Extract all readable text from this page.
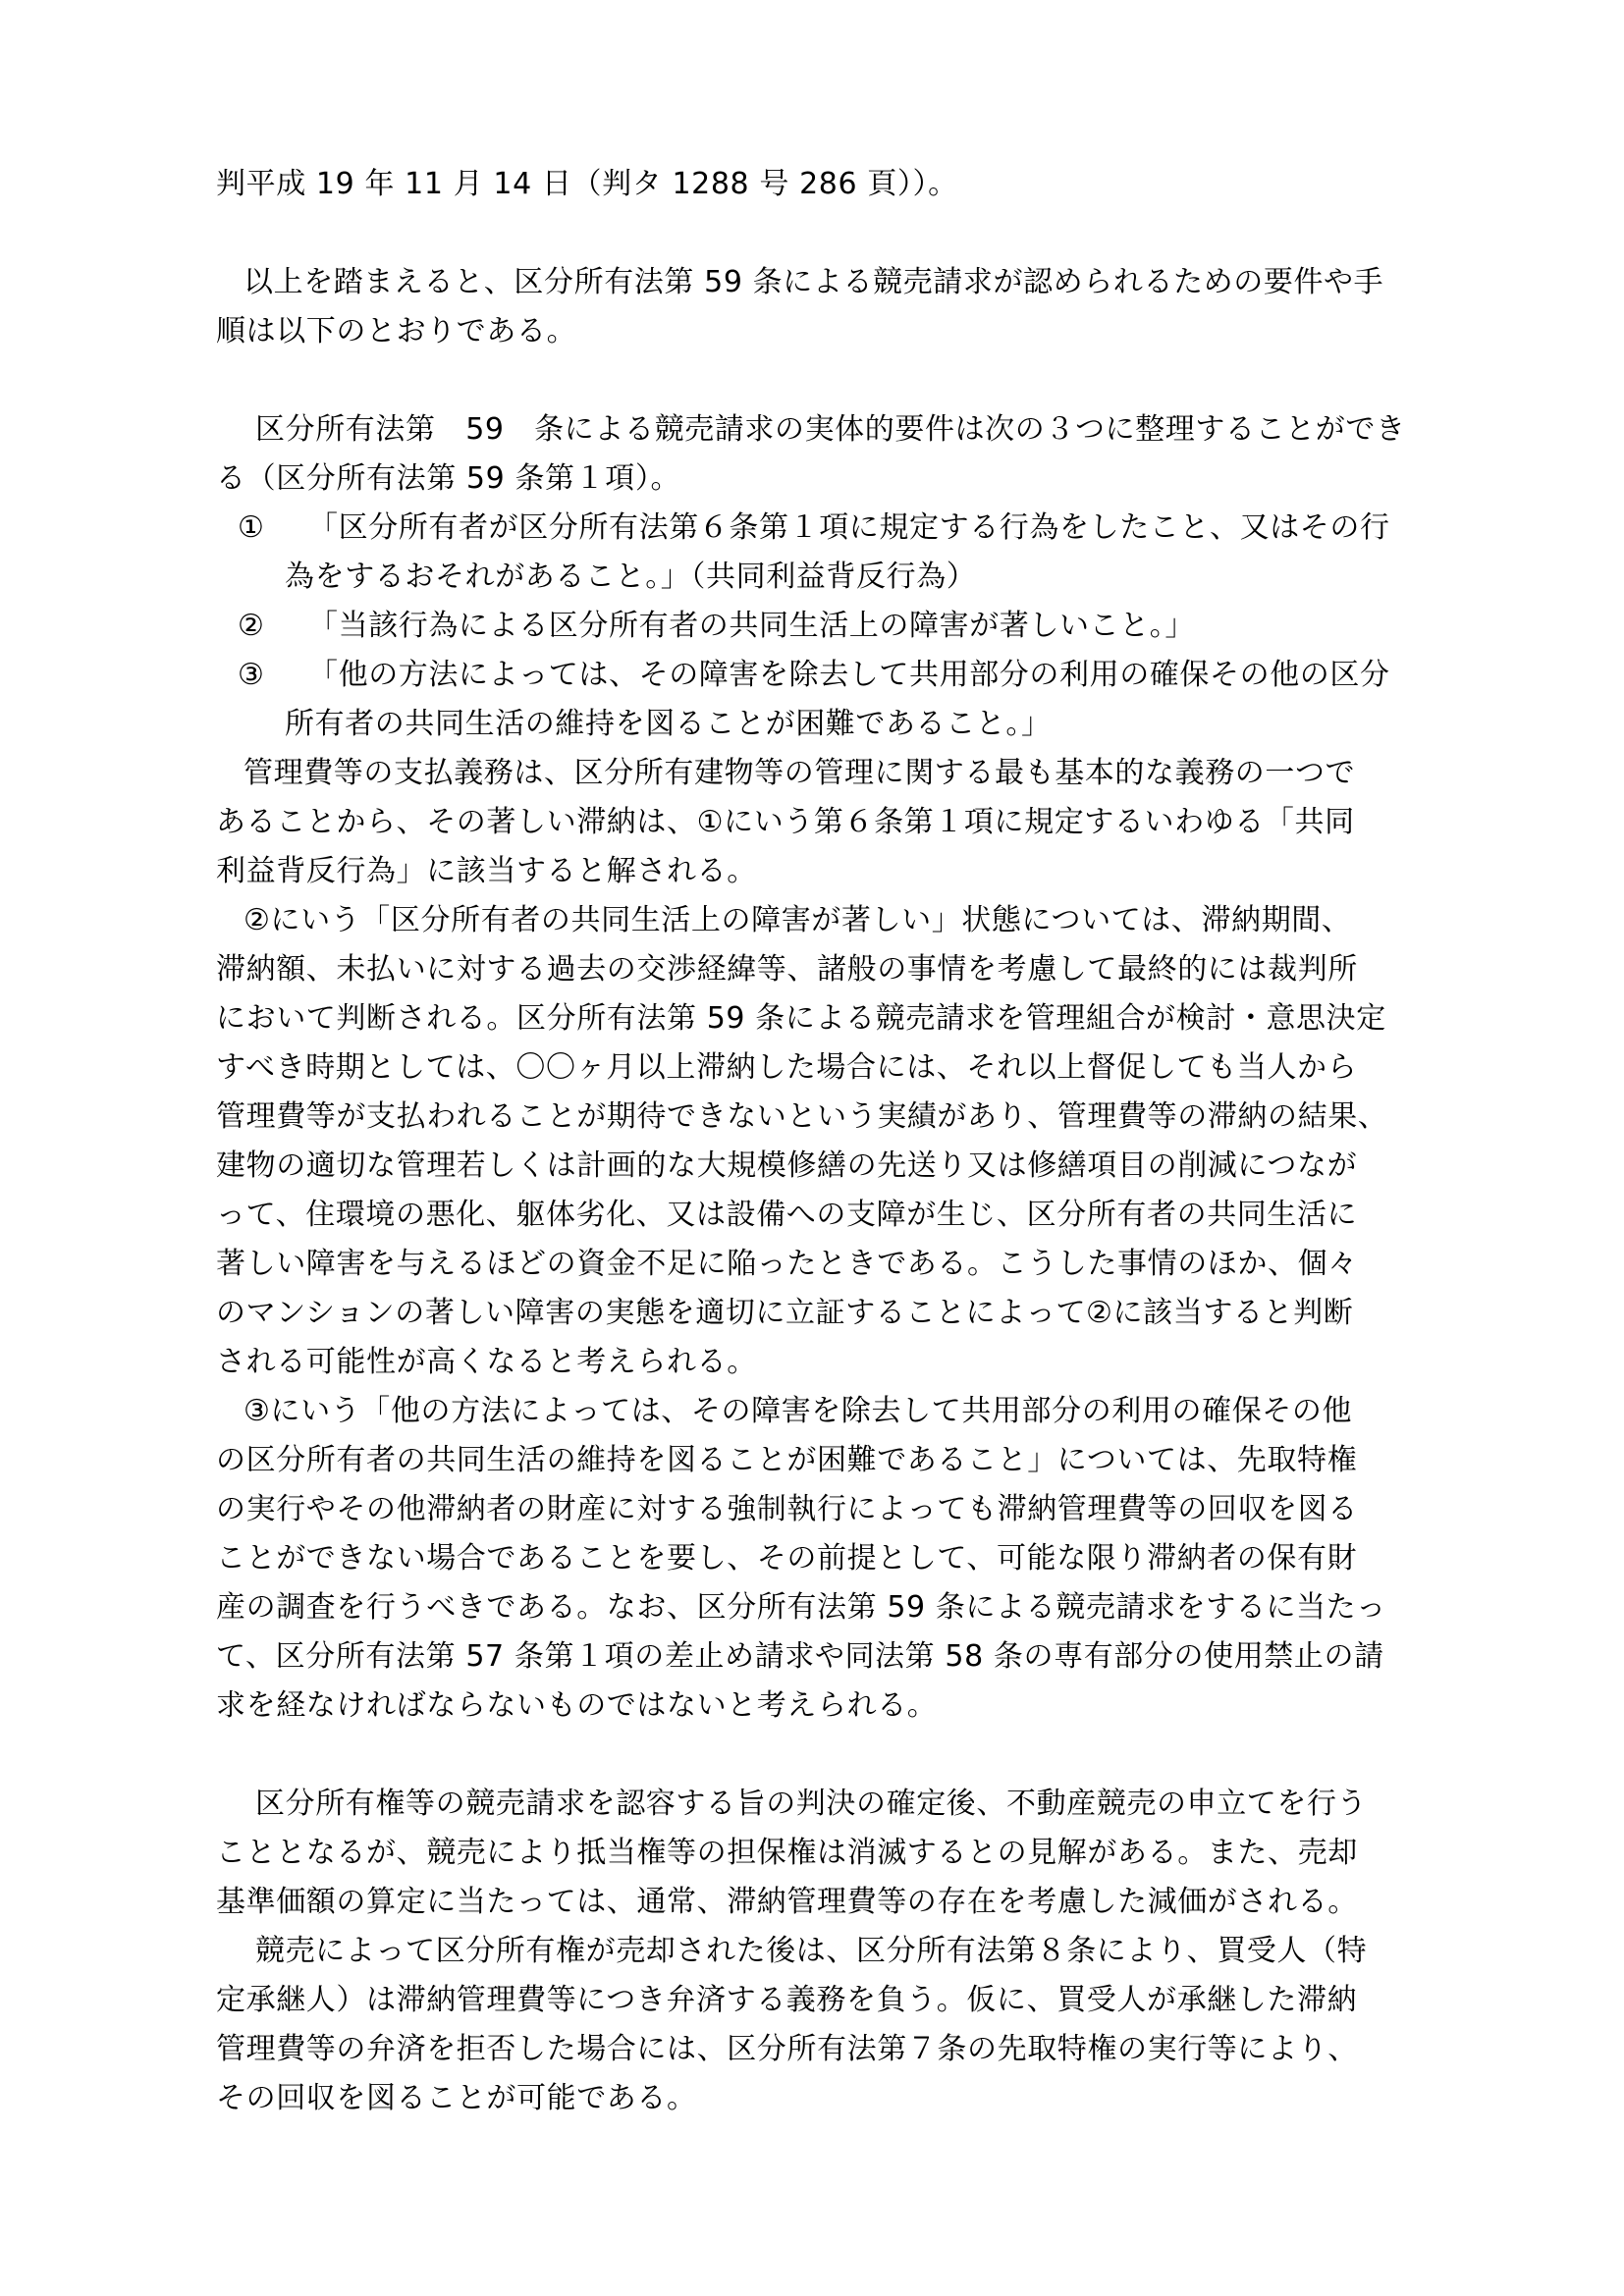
判平成 19 年 11 月 14 日（判タ 1288 号 286 頁））。
以上を踏まえると、区分所有法第 59 条による競売請求が認められるための要件や手
順は以下のとおりである。
区分所有法第　59　条による競売請求の実体的要件は次の３つに整理することができ
る（区分所有法第 59 条第１項）。
①	「区分所有者が区分所有法第６条第１項に規定する行為をしたこと、又はその行
為をするおそれがあること。」（共同利益背反行為）
②	「当該行為による区分所有者の共同生活上の障害が著しいこと。」
③	「他の方法によっては、その障害を除去して共用部分の利用の確保その他の区分
所有者の共同生活の維持を図ることが困難であること。」
管理費等の支払義務は、区分所有建物等の管理に関する最も基本的な義務の一つで
あることから、その著しい滞納は、①にいう第６条第１項に規定するいわゆる「共同
利益背反行為」に該当すると解される。
②にいう「区分所有者の共同生活上の障害が著しい」状態については、滞納期間、
滞納額、未払いに対する過去の交渉経緯等、諸般の事情を考慮して最終的には裁判所
において判断される。区分所有法第 59 条による競売請求を管理組合が検討・意思決定
すべき時期としては、〇〇ヶ月以上滞納した場合には、それ以上督促しても当人から
管理費等が支払われることが期待できないという実績があり、管理費等の滞納の結果、
建物の適切な管理若しくは計画的な大規模修繕の先送り又は修繕項目の削減につなが
って、住環境の悪化、躯体劣化、又は設備への支障が生じ、区分所有者の共同生活に
著しい障害を与えるほどの資金不足に陥ったときである。こうした事情のほか、個々
のマンションの著しい障害の実態を適切に立証することによって②に該当すると判断
される可能性が高くなると考えられる。
③にいう「他の方法によっては、その障害を除去して共用部分の利用の確保その他
の区分所有者の共同生活の維持を図ることが困難であること」については、先取特権
の実行やその他滞納者の財産に対する強制執行によっても滞納管理費等の回収を図る
ことができない場合であることを要し、その前提として、可能な限り滞納者の保有財
産の調査を行うべきである。なお、区分所有法第 59 条による競売請求をするに当たっ
て、区分所有法第 57 条第１項の差止め請求や同法第 58 条の専有部分の使用禁止の請
求を経なければならないものではないと考えられる。
区分所有権等の競売請求を認容する旨の判決の確定後、不動産競売の申立てを行う
こととなるが、競売により抵当権等の担保権は消滅するとの見解がある。また、売却
基準価額の算定に当たっては、通常、滞納管理費等の存在を考慮した減価がされる。
競売によって区分所有権が売却された後は、区分所有法第８条により、買受人（特
定承継人）は滞納管理費等につき弁済する義務を負う。仮に、買受人が承継した滞納
管理費等の弁済を拒否した場合には、区分所有法第７条の先取特権の実行等により、
その回収を図ることが可能である。
